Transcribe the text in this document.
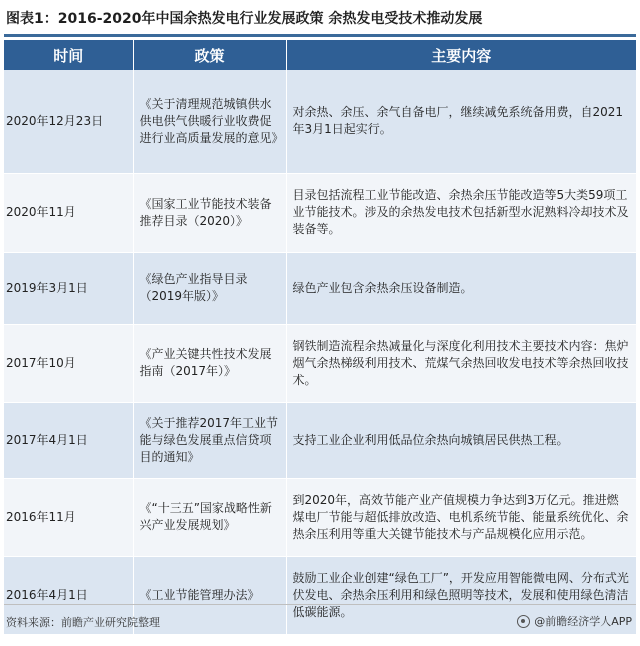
图表1：2016-2020年中国余热发电行业发展政策 余热发电受技术推动发展
时间	政策	主要内容
2020年12月23日	《关于清理规范城镇供水供电供气供暖行业收费促进行业高质量发展的意见》	对余热、余压、余气自备电厂，继续减免系统备用费，自2021年3月1日起实行。
2020年11月	《国家工业节能技术装备推荐目录（2020）》	目录包括流程工业节能改造、余热余压节能改造等5大类59项工业节能技术。涉及的余热发电技术包括新型水泥熟料冷却技术及装备等。
2019年3月1日	《绿色产业指导目录（2019年版）》	绿色产业包含余热余压设备制造。
2017年10月	《产业关键共性技术发展指南（2017年）》	钢铁制造流程余热减量化与深度化利用技术主要技术内容：焦炉烟气余热梯级利用技术、荒煤气余热回收发电技术等余热回收技术。
2017年4月1日	《关于推荐2017年工业节能与绿色发展重点信贷项目的通知》	支持工业企业利用低品位余热向城镇居民供热工程。
2016年11月	《“十三五”国家战略性新兴产业发展规划》	到2020年，高效节能产业产值规模力争达到3万亿元。推进燃煤电厂节能与超低排放改造、电机系统节能、能量系统优化、余热余压利用等重大关键节能技术与产品规模化应用示范。
2016年4月1日	《工业节能管理办法》	鼓励工业企业创建“绿色工厂”，开发应用智能微电网、分布式光伏发电、余热余压利用和绿色照明等技术，发展和使用绿色清洁低碳能源。
资料来源：前瞻产业研究院整理	@前瞻经济学人APP
